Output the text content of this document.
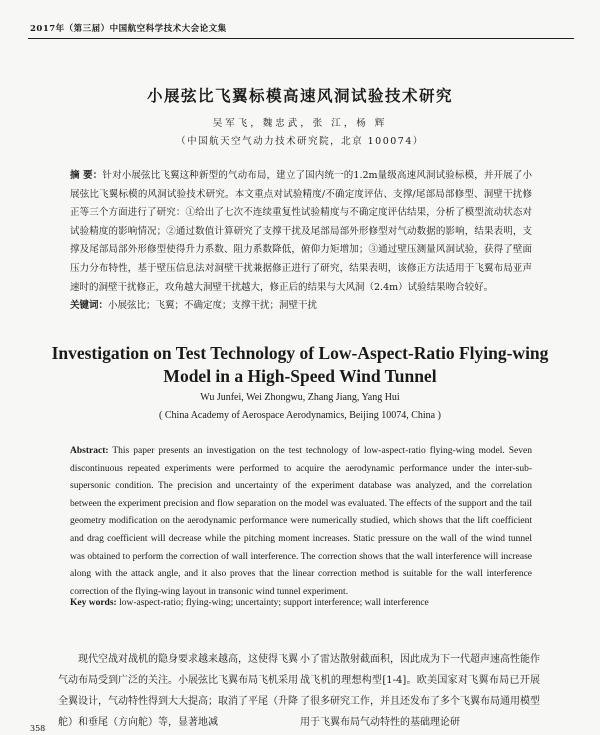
2017年（第三届）中国航空科学技术大会论文集
小展弦比飞翼标模高速风洞试验技术研究
吴军飞，魏忠武，张 江，杨 辉
（中国航天空气动力技术研究院，北京 100074）
摘 要：针对小展弦比飞翼这种新型的气动布局，建立了国内统一的1.2m量级高速风洞试验标模，并开展了小展弦比飞翼标模的风洞试验技术研究。本文重点对试验精度/不确定度评估、支撑/尾部局部修型、洞壁干扰修正等三个方面进行了研究：①给出了七次不连续重复性试验精度与不确定度评估结果，分析了模型流动状态对试验精度的影响情况；②通过数值计算研究了支撑干扰及尾部局部外形修型对气动数据的影响，结果表明，支撑及尾部局部外形修型使得升力系数、阻力系数降低，俯仰力矩增加；③通过壁压测量风洞试验，获得了壁面压力分布特性，基于壁压信息法对洞壁干扰兼据修正进行了研究，结果表明，该修正方法适用于飞翼布局亚声速时的洞壁干扰修正，攻角越大洞壁干扰越大，修正后的结果与大风洞（2.4m）试验结果吻合较好。
关键词：小展弦比；飞翼；不确定度；支撑干扰；洞壁干扰
Investigation on Test Technology of Low-Aspect-Ratio Flying-wing Model in a High-Speed Wind Tunnel
Wu Junfei, Wei Zhongwu, Zhang Jiang, Yang Hui
( China Academy of Aerospace Aerodynamics, Beijing 10074, China )
Abstract: This paper presents an investigation on the test technology of low-aspect-ratio flying-wing model. Seven discontinuous repeated experiments were performed to acquire the aerodynamic performance under the inter-sub-supersonic condition. The precision and uncertainty of the experiment database was analyzed, and the correlation between the experiment precision and flow separation on the model was evaluated. The effects of the support and the tail geometry modification on the aerodynamic performance were numerically studied, which shows that the lift coefficient and drag coefficient will decrease while the pitching moment increases. Static pressure on the wall of the wind tunnel was obtained to perform the correction of wall interference. The correction shows that the wall interference will increase along with the attack angle, and it also proves that the linear correction method is suitable for the wall interference correction of the flying-wing layout in transonic wind tunnel experiment.
Key words: low-aspect-ratio; flying-wing; uncertainty; support interference; wall interference
现代空战对战机的隐身要求越来越高，这使得飞翼气动布局受到广泛的关注。小展弦比飞翼布局飞机采用全翼设计，气动特性得到大大提高；取消了平尾（升降舵）和垂尾（方向舵）等，显著地减
小了雷达散射截面积，因此成为下一代超声速高性能作战飞机的理想构型[1-4]。欧美国家对飞翼布局已开展了很多研究工作，并且还发布了多个飞翼布局通用模型用于飞翼布局气动特性的基础理论研
358
